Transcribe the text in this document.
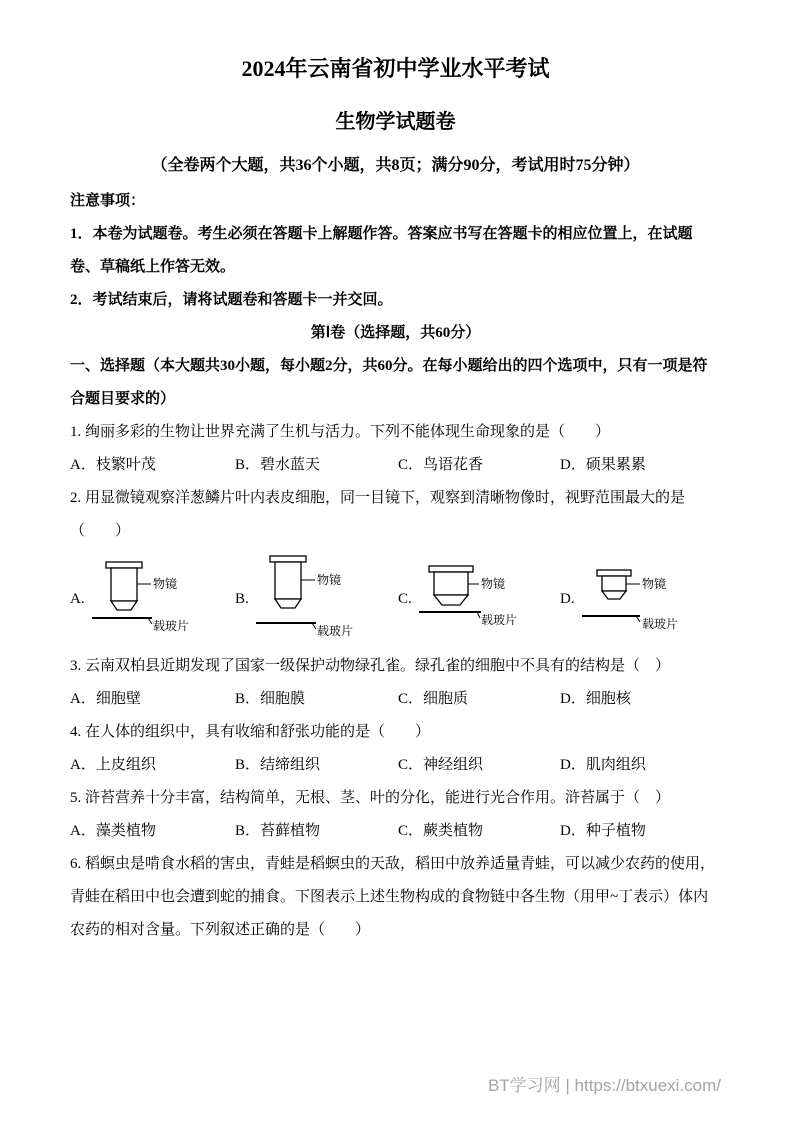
2024年云南省初中学业水平考试
生物学试题卷

（全卷两个大题，共36个小题，共8页；满分90分，考试用时75分钟）

注意事项：

1．本卷为试题卷。考生必须在答题卡上解题作答。答案应书写在答题卡的相应位置上，在试题卷、草稿纸上作答无效。

2．考试结束后，请将试题卷和答题卡一并交回。

第Ⅰ卷（选择题，共60分）

一、选择题（本大题共30小题，每小题2分，共60分。在每小题给出的四个选项中，只有一项是符合题目要求的）

1. 绚丽多彩的生物让世界充满了生机与活力。下列不能体现生命现象的是（　　）

A．枝繁叶茂	B．碧水蓝天	C．鸟语花香	D．硕果累累

2. 用显微镜观察洋葱鳞片叶内表皮细胞，同一目镜下，观察到清晰物像时，视野范围最大的是（　　）

A.
物镜
载玻片
B.
物镜
载玻片
C.
物镜
载玻片
D.
物镜
载玻片

3. 云南双柏县近期发现了国家一级保护动物绿孔雀。绿孔雀的细胞中不具有的结构是（　）

A．细胞壁	B．细胞膜	C．细胞质	D．细胞核

4. 在人体的组织中，具有收缩和舒张功能的是（　　）

A．上皮组织	B．结缔组织	C．神经组织	D．肌肉组织

5. 浒苔营养十分丰富，结构简单，无根、茎、叶的分化，能进行光合作用。浒苔属于（　）

A．藻类植物	B．苔藓植物	C．蕨类植物	D．种子植物

6. 稻螟虫是啃食水稻的害虫，青蛙是稻螟虫的天敌，稻田中放养适量青蛙，可以减少农药的使用，青蛙在稻田中也会遭到蛇的捕食。下图表示上述生物构成的食物链中各生物（用甲~丁表示）体内农药的相对含量。下列叙述正确的是（　　）

BT学习网 | https://btxuexi.com/
